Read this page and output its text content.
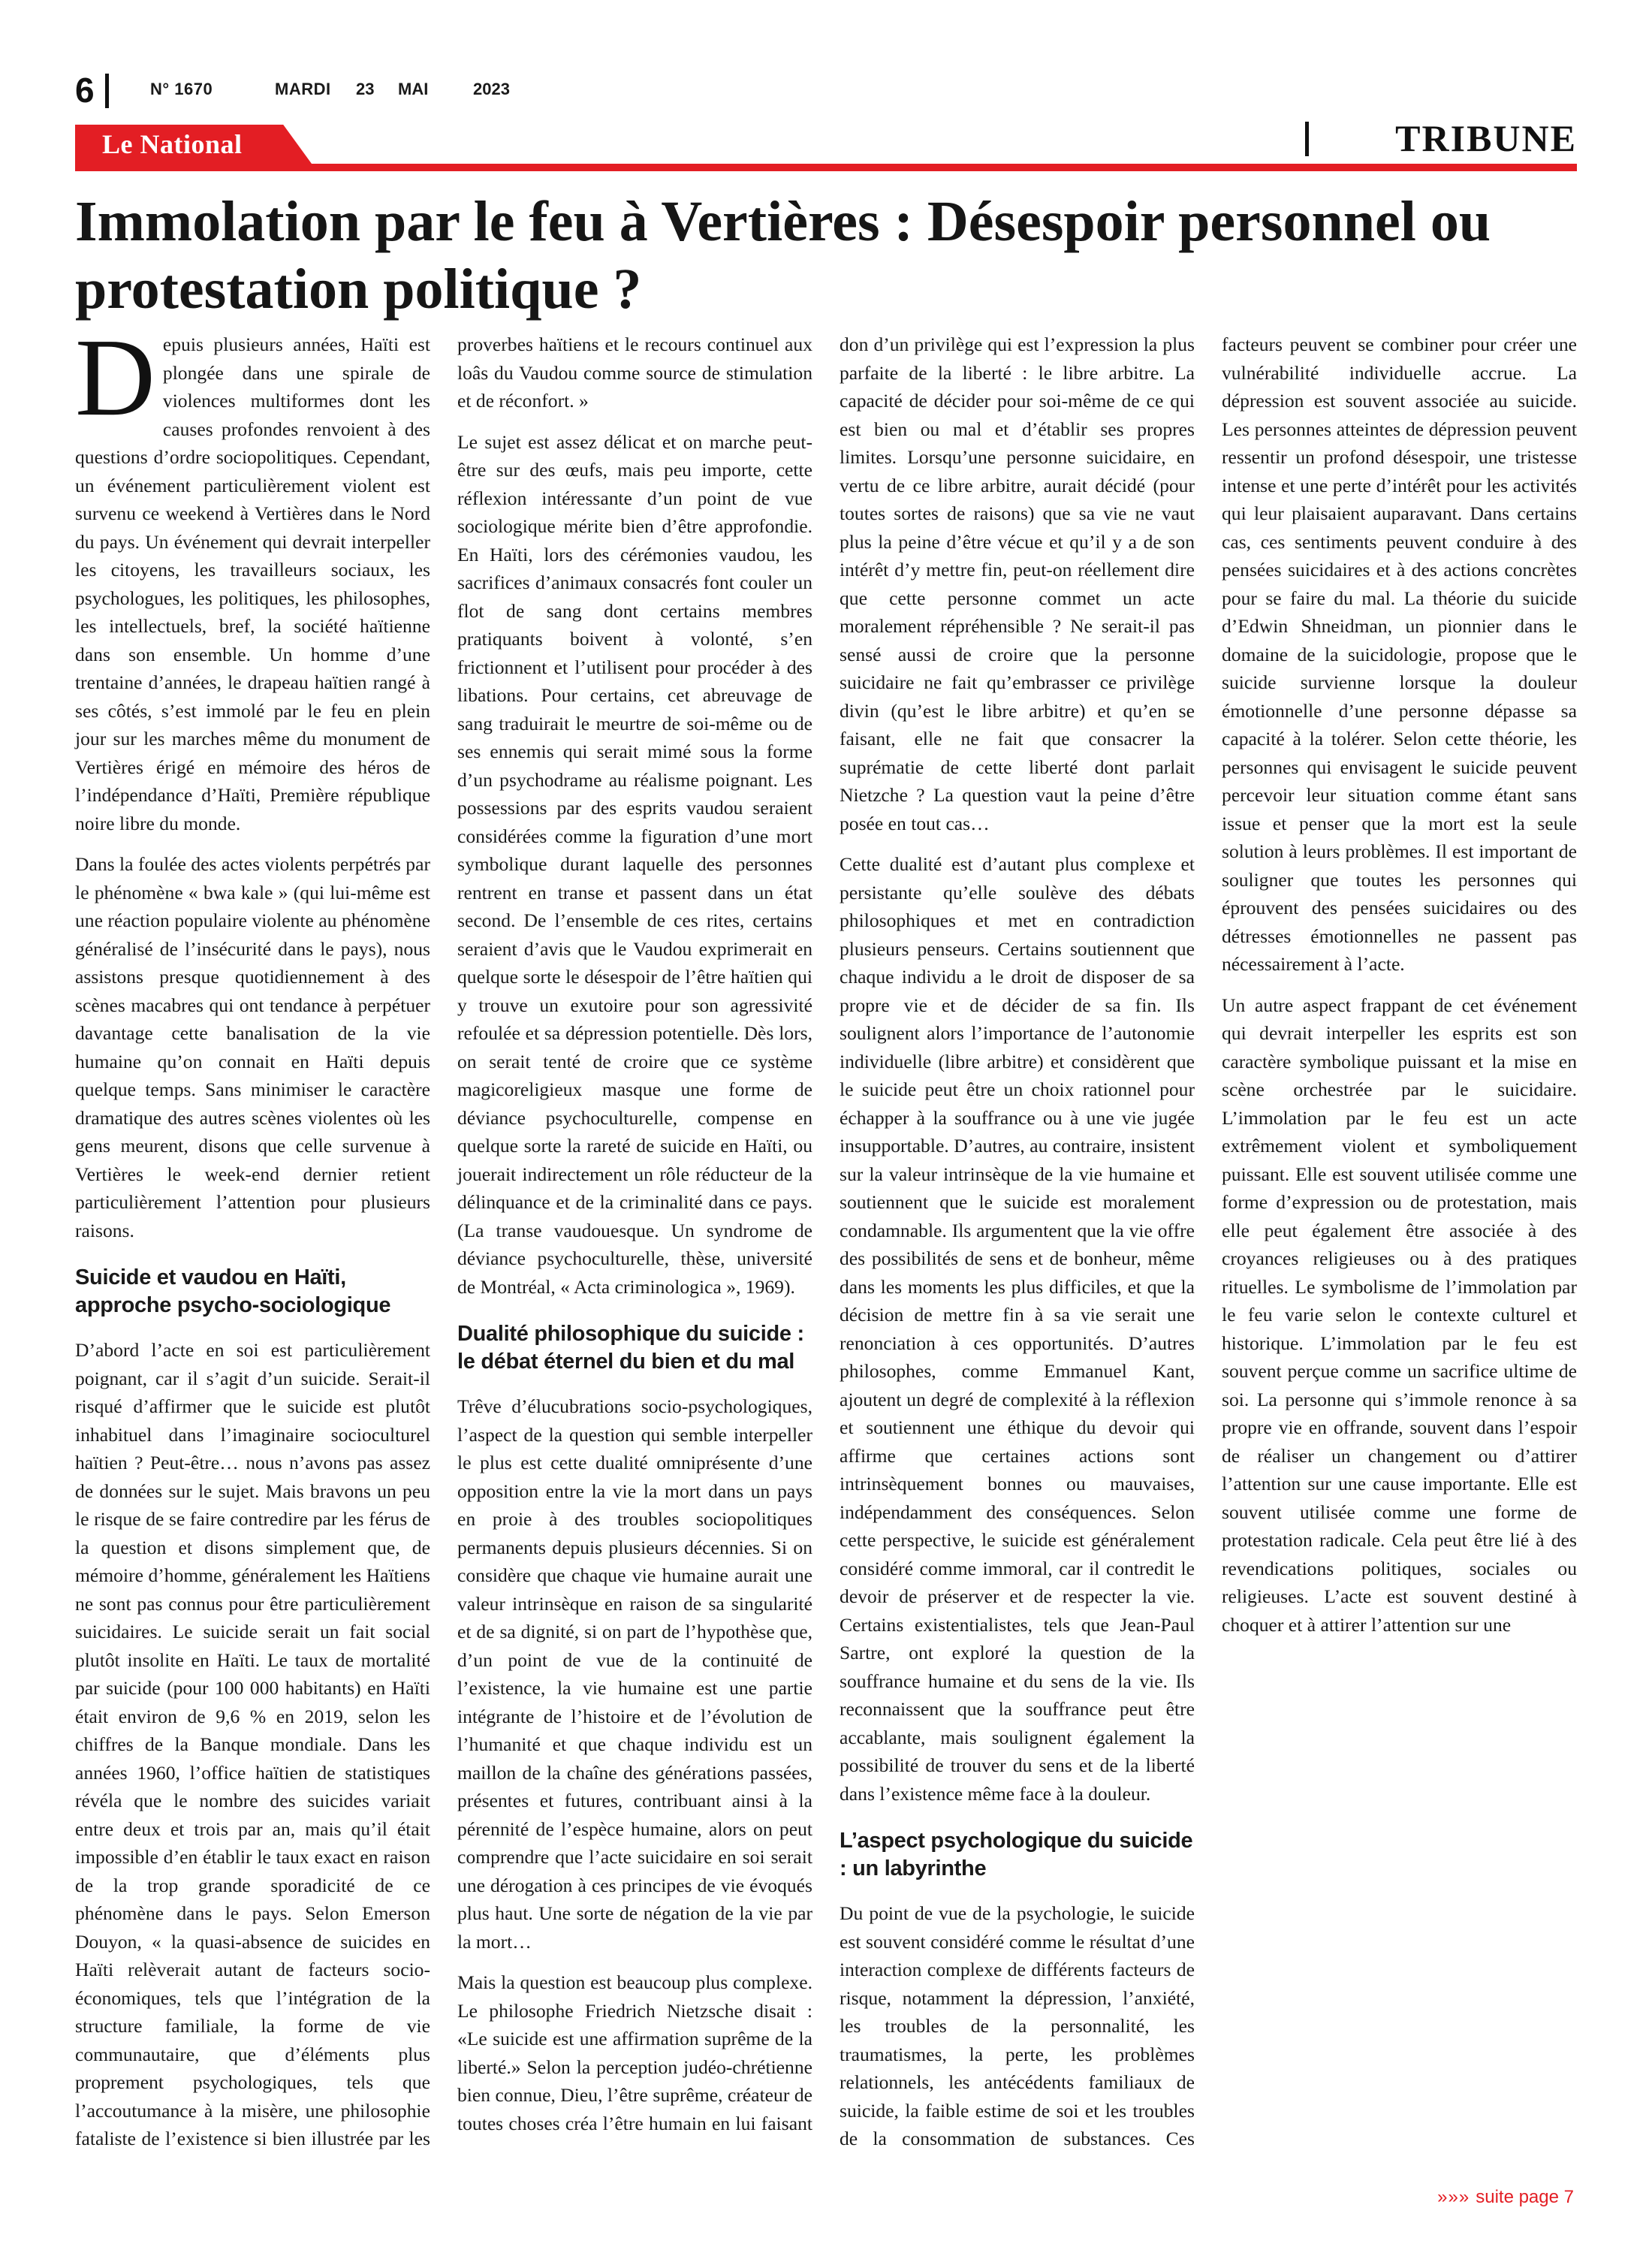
6	N° 1670	MARDI 23 MAI	2023
Le National	TRIBUNE
Immolation par le feu à Vertières : Désespoir personnel ou protestation politique ?

Depuis plusieurs années, Haïti est plongée dans une spirale de violences multiformes dont les causes profondes renvoient à des questions d’ordre sociopolitiques. Cependant, un événement particulièrement violent est survenu ce weekend à Vertières dans le Nord du pays. Un événement qui devrait interpeller les citoyens, les travailleurs sociaux, les psychologues, les politiques, les philosophes, les intellectuels, bref, la société haïtienne dans son ensemble. Un homme d’une trentaine d’années, le drapeau haïtien rangé à ses côtés, s’est immolé par le feu en plein jour sur les marches même du monument de Vertières érigé en mémoire des héros de l’indépendance d’Haïti, Première république noire libre du monde.

Dans la foulée des actes violents perpétrés par le phénomène « bwa kale » (qui lui-même est une réaction populaire violente au phénomène généralisé de l’insécurité dans le pays), nous assistons presque quotidiennement à des scènes macabres qui ont tendance à perpétuer davantage cette banalisation de la vie humaine qu’on connait en Haïti depuis quelque temps. Sans minimiser le caractère dramatique des autres scènes violentes où les gens meurent, disons que celle survenue à Vertières le week-end dernier retient particulièrement l’attention pour plusieurs raisons.

Suicide et vaudou en Haïti, approche psycho-sociologique

D’abord l’acte en soi est particulièrement poignant, car il s’agit d’un suicide. Serait-il risqué d’affirmer que le suicide est plutôt inhabituel dans l’imaginaire socioculturel haïtien ? Peut-être… nous n’avons pas assez de données sur le sujet. Mais bravons un peu le risque de se faire contredire par les férus de la question et disons simplement que, de mémoire d’homme, généralement les Haïtiens ne sont pas connus pour être particulièrement suicidaires. Le suicide serait un fait social plutôt insolite en Haïti. Le taux de mortalité par suicide (pour 100 000 habitants) en Haïti était environ de 9,6 % en 2019, selon les chiffres de la Banque mondiale. Dans les années 1960, l’office haïtien de statistiques révéla que le nombre des suicides variait entre deux et trois par an, mais qu’il était impossible d’en établir le taux exact en raison de la trop grande sporadicité de ce phénomène dans le pays. Selon Emerson Douyon, « la quasi-absence de suicides en Haïti relèverait autant de facteurs socio-économiques, tels que l’intégration de la structure familiale, la forme de vie communautaire, que d’éléments plus proprement psychologiques, tels que l’accoutumance à la misère, une philosophie fataliste de l’existence si bien illustrée par les proverbes haïtiens et le recours continuel aux loâs du Vaudou comme source de stimulation et de réconfort. »

Le sujet est assez délicat et on marche peut-être sur des œufs, mais peu importe, cette réflexion intéressante d’un point de vue sociologique mérite bien d’être approfondie. En Haïti, lors des cérémonies vaudou, les sacrifices d’animaux consacrés font couler un flot de sang dont certains membres pratiquants boivent à volonté, s’en frictionnent et l’utilisent pour procéder à des libations. Pour certains, cet abreuvage de sang traduirait le meurtre de soi-même ou de ses ennemis qui serait mimé sous la forme d’un psychodrame au réalisme poignant. Les possessions par des esprits vaudou seraient considérées comme la figuration d’une mort symbolique durant laquelle des personnes rentrent en transe et passent dans un état second. De l’ensemble de ces rites, certains seraient d’avis que le Vaudou exprimerait en quelque sorte le désespoir de l’être haïtien qui y trouve un exutoire pour son agressivité refoulée et sa dépression potentielle. Dès lors, on serait tenté de croire que ce système magicoreligieux masque une forme de déviance psychoculturelle, compense en quelque sorte la rareté de suicide en Haïti, ou jouerait indirectement un rôle réducteur de la délinquance et de la criminalité dans ce pays. (La transe vaudouesque. Un syndrome de déviance psychoculturelle, thèse, université de Montréal, « Acta criminologica », 1969).

Dualité philosophique du suicide : le débat éternel du bien et du mal

Trêve d’élucubrations socio-psychologiques, l’aspect de la question qui semble interpeller le plus est cette dualité omniprésente d’une opposition entre la vie la mort dans un pays en proie à des troubles sociopolitiques permanents depuis plusieurs décennies. Si on considère que chaque vie humaine aurait une valeur intrinsèque en raison de sa singularité et de sa dignité, si on part de l’hypothèse que, d’un point de vue de la continuité de l’existence, la vie humaine est une partie intégrante de l’histoire et de l’évolution de l’humanité et que chaque individu est un maillon de la chaîne des générations passées, présentes et futures, contribuant ainsi à la pérennité de l’espèce humaine, alors on peut comprendre que l’acte suicidaire en soi serait une dérogation à ces principes de vie évoqués plus haut. Une sorte de négation de la vie par la mort…

Mais la question est beaucoup plus complexe. Le philosophe Friedrich Nietzsche disait : «Le suicide est une affirmation suprême de la liberté.» Selon la perception judéo-chrétienne bien connue, Dieu, l’être suprême, créateur de toutes choses créa l’être humain en lui faisant don d’un privilège qui est l’expression la plus parfaite de la liberté : le libre arbitre. La capacité de décider pour soi-même de ce qui est bien ou mal et d’établir ses propres limites. Lorsqu’une personne suicidaire, en vertu de ce libre arbitre, aurait décidé (pour toutes sortes de raisons) que sa vie ne vaut plus la peine d’être vécue et qu’il y a de son intérêt d’y mettre fin, peut-on réellement dire que cette personne commet un acte moralement répréhensible ? Ne serait-il pas sensé aussi de croire que la personne suicidaire ne fait qu’embrasser ce privilège divin (qu’est le libre arbitre) et qu’en se faisant, elle ne fait que consacrer la suprématie de cette liberté dont parlait Nietzche ? La question vaut la peine d’être posée en tout cas…

Cette dualité est d’autant plus complexe et persistante qu’elle soulève des débats philosophiques et met en contradiction plusieurs penseurs. Certains soutiennent que chaque individu a le droit de disposer de sa propre vie et de décider de sa fin. Ils soulignent alors l’importance de l’autonomie individuelle (libre arbitre) et considèrent que le suicide peut être un choix rationnel pour échapper à la souffrance ou à une vie jugée insupportable. D’autres, au contraire, insistent sur la valeur intrinsèque de la vie humaine et soutiennent que le suicide est moralement condamnable. Ils argumentent que la vie offre des possibilités de sens et de bonheur, même dans les moments les plus difficiles, et que la décision de mettre fin à sa vie serait une renonciation à ces opportunités. D’autres philosophes, comme Emmanuel Kant, ajoutent un degré de complexité à la réflexion et soutiennent une éthique du devoir qui affirme que certaines actions sont intrinsèquement bonnes ou mauvaises, indépendamment des conséquences. Selon cette perspective, le suicide est généralement considéré comme immoral, car il contredit le devoir de préserver et de respecter la vie. Certains existentialistes, tels que Jean-Paul Sartre, ont exploré la question de la souffrance humaine et du sens de la vie. Ils reconnaissent que la souffrance peut être accablante, mais soulignent également la possibilité de trouver du sens et de la liberté dans l’existence même face à la douleur.

L’aspect psychologique du suicide : un labyrinthe

Du point de vue de la psychologie, le suicide est souvent considéré comme le résultat d’une interaction complexe de différents facteurs de risque, notamment la dépression, l’anxiété, les troubles de la personnalité, les traumatismes, la perte, les problèmes relationnels, les antécédents familiaux de suicide, la faible estime de soi et les troubles de la consommation de substances. Ces facteurs peuvent se combiner pour créer une vulnérabilité individuelle accrue. La dépression est souvent associée au suicide. Les personnes atteintes de dépression peuvent ressentir un profond désespoir, une tristesse intense et une perte d’intérêt pour les activités qui leur plaisaient auparavant. Dans certains cas, ces sentiments peuvent conduire à des pensées suicidaires et à des actions concrètes pour se faire du mal. La théorie du suicide d’Edwin Shneidman, un pionnier dans le domaine de la suicidologie, propose que le suicide survienne lorsque la douleur émotionnelle d’une personne dépasse sa capacité à la tolérer. Selon cette théorie, les personnes qui envisagent le suicide peuvent percevoir leur situation comme étant sans issue et penser que la mort est la seule solution à leurs problèmes. Il est important de souligner que toutes les personnes qui éprouvent des pensées suicidaires ou des détresses émotionnelles ne passent pas nécessairement à l’acte.

Un autre aspect frappant de cet événement qui devrait interpeller les esprits est son caractère symbolique puissant et la mise en scène orchestrée par le suicidaire. L’immolation par le feu est un acte extrêmement violent et symboliquement puissant. Elle est souvent utilisée comme une forme d’expression ou de protestation, mais elle peut également être associée à des croyances religieuses ou à des pratiques rituelles. Le symbolisme de l’immolation par le feu varie selon le contexte culturel et historique. L’immolation par le feu est souvent perçue comme un sacrifice ultime de soi. La personne qui s’immole renonce à sa propre vie en offrande, souvent dans l’espoir de réaliser un changement ou d’attirer l’attention sur une cause importante. Elle est souvent utilisée comme une forme de protestation radicale. Cela peut être lié à des revendications politiques, sociales ou religieuses. L’acte est souvent destiné à choquer et à attirer l’attention sur une

»»» suite page 7
